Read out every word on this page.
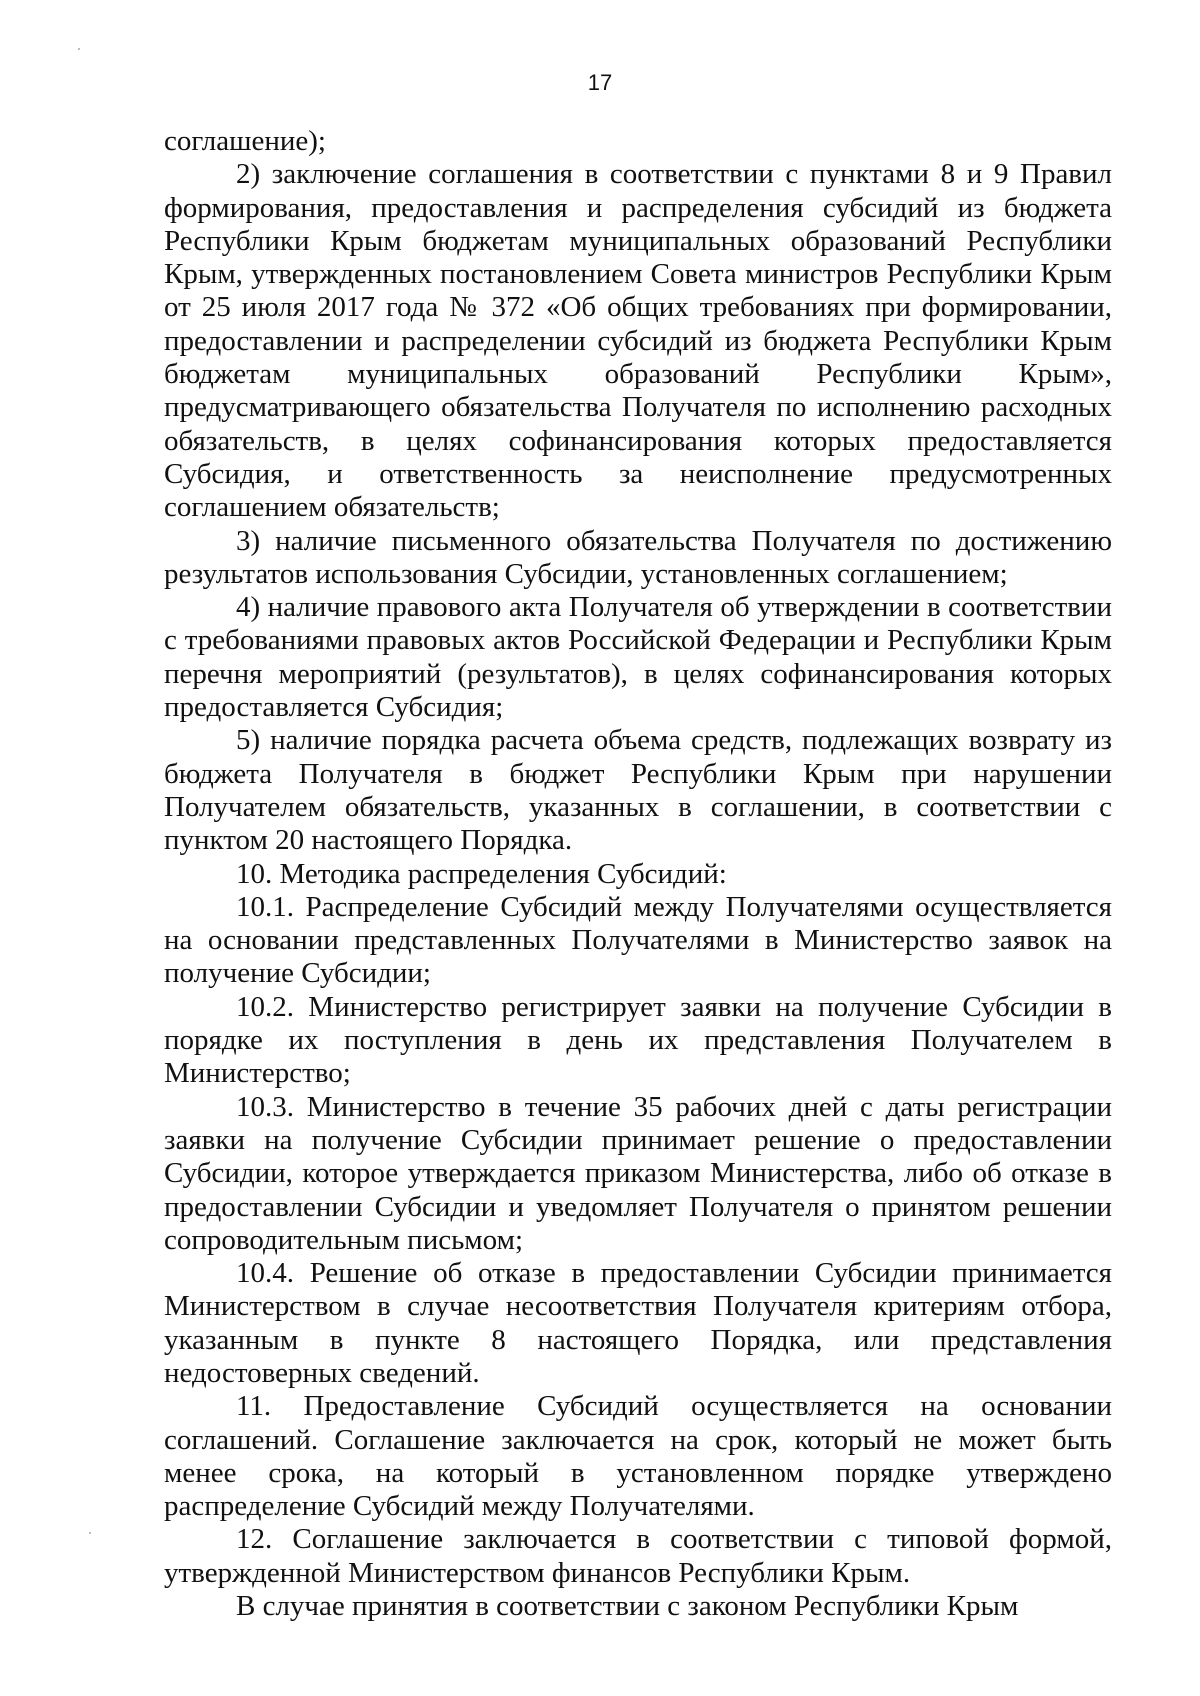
17

соглашение);

2) заключение соглашения в соответствии с пунктами 8 и 9 Правил формирования, предоставления и распределения субсидий из бюджета Республики Крым бюджетам муниципальных образований Республики Крым, утвержденных постановлением Совета министров Республики Крым от 25 июля 2017 года № 372 «Об общих требованиях при формировании, предоставлении и распределении субсидий из бюджета Республики Крым бюджетам муниципальных образований Республики Крым», предусматривающего обязательства Получателя по исполнению расходных обязательств, в целях софинансирования которых предоставляется Субсидия, и ответственность за неисполнение предусмотренных соглашением обязательств;

3) наличие письменного обязательства Получателя по достижению результатов использования Субсидии, установленных соглашением;

4) наличие правового акта Получателя об утверждении в соответствии с требованиями правовых актов Российской Федерации и Республики Крым перечня мероприятий (результатов), в целях софинансирования которых предоставляется Субсидия;

5) наличие порядка расчета объема средств, подлежащих возврату из бюджета Получателя в бюджет Республики Крым при нарушении Получателем обязательств, указанных в соглашении, в соответствии с пунктом 20 настоящего Порядка.

10. Методика распределения Субсидий:

10.1. Распределение Субсидий между Получателями осуществляется на основании представленных Получателями в Министерство заявок на получение Субсидии;

10.2. Министерство регистрирует заявки на получение Субсидии в порядке их поступления в день их представления Получателем в Министерство;

10.3. Министерство в течение 35 рабочих дней с даты регистрации заявки на получение Субсидии принимает решение о предоставлении Субсидии, которое утверждается приказом Министерства, либо об отказе в предоставлении Субсидии и уведомляет Получателя о принятом решении сопроводительным письмом;

10.4. Решение об отказе в предоставлении Субсидии принимается Министерством в случае несоответствия Получателя критериям отбора, указанным в пункте 8 настоящего Порядка, или представления недостоверных сведений.

11. Предоставление Субсидий осуществляется на основании соглашений. Соглашение заключается на срок, который не может быть менее срока, на который в установленном порядке утверждено распределение Субсидий между Получателями.

12. Соглашение заключается в соответствии с типовой формой, утвержденной Министерством финансов Республики Крым.

В случае принятия в соответствии с законом Республики Крым
